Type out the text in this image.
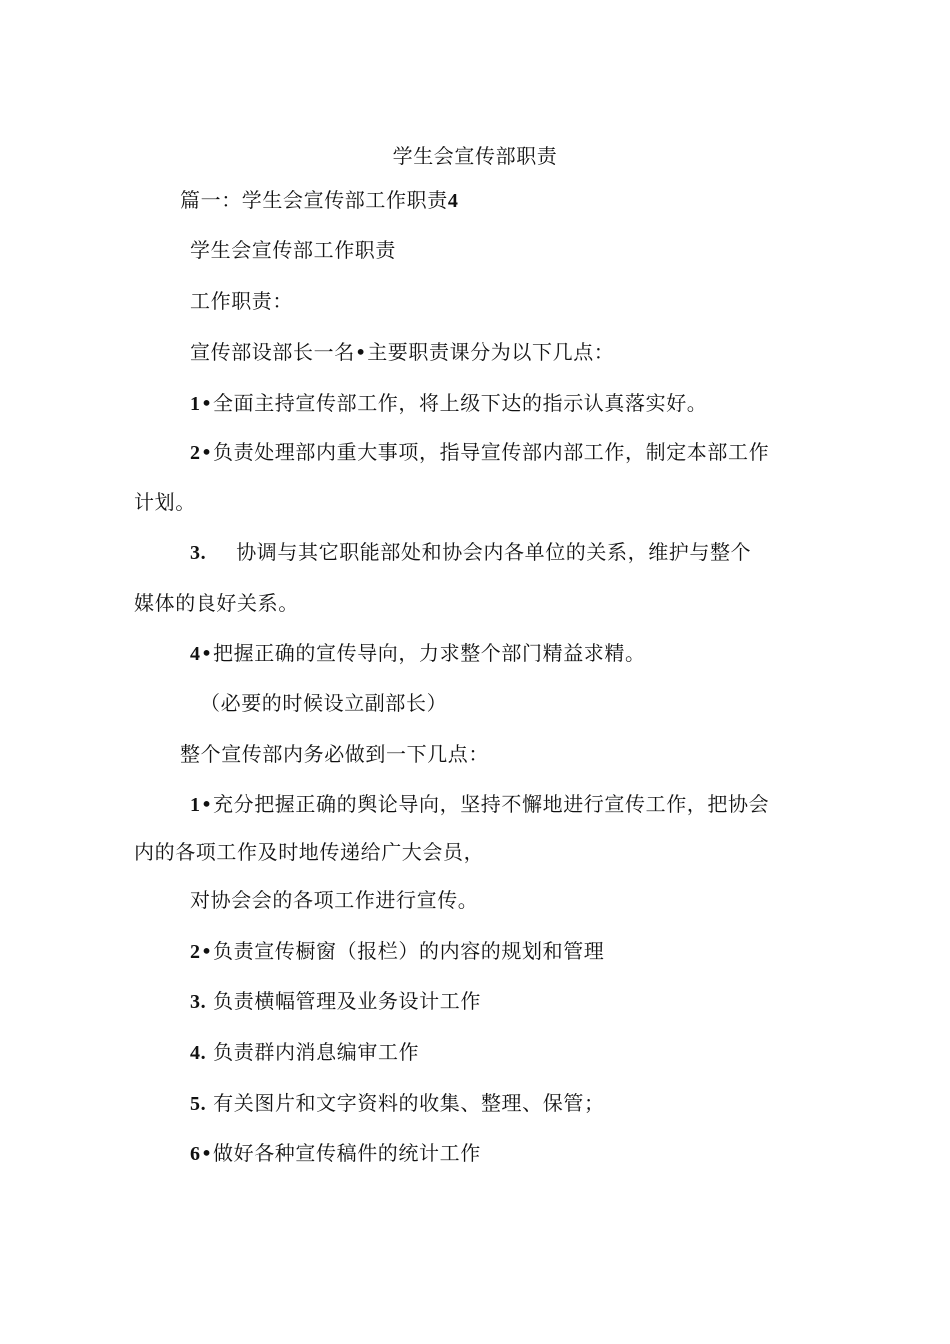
学生会宣传部职责
篇一：学生会宣传部工作职责4
学生会宣传部工作职责
工作职责：
宣传部设部长一名•主要职责课分为以下几点：
1•全面主持宣传部工作，将上级下达的指示认真落实好。
2•负责处理部内重大事项，指导宣传部内部工作，制定本部工作
计划。
3. 协调与其它职能部处和协会内各单位的关系，维护与整个
媒体的良好关系。
4•把握正确的宣传导向，力求整个部门精益求精。
（必要的时候设立副部长）
整个宣传部内务必做到一下几点：
1•充分把握正确的舆论导向，坚持不懈地进行宣传工作，把协会
内的各项工作及时地传递给广大会员，
对协会会的各项工作进行宣传。
2•负责宣传橱窗（报栏）的内容的规划和管理
3. 负责横幅管理及业务设计工作
4. 负责群内消息编审工作
5. 有关图片和文字资料的收集、整理、保管；
6•做好各种宣传稿件的统计工作
